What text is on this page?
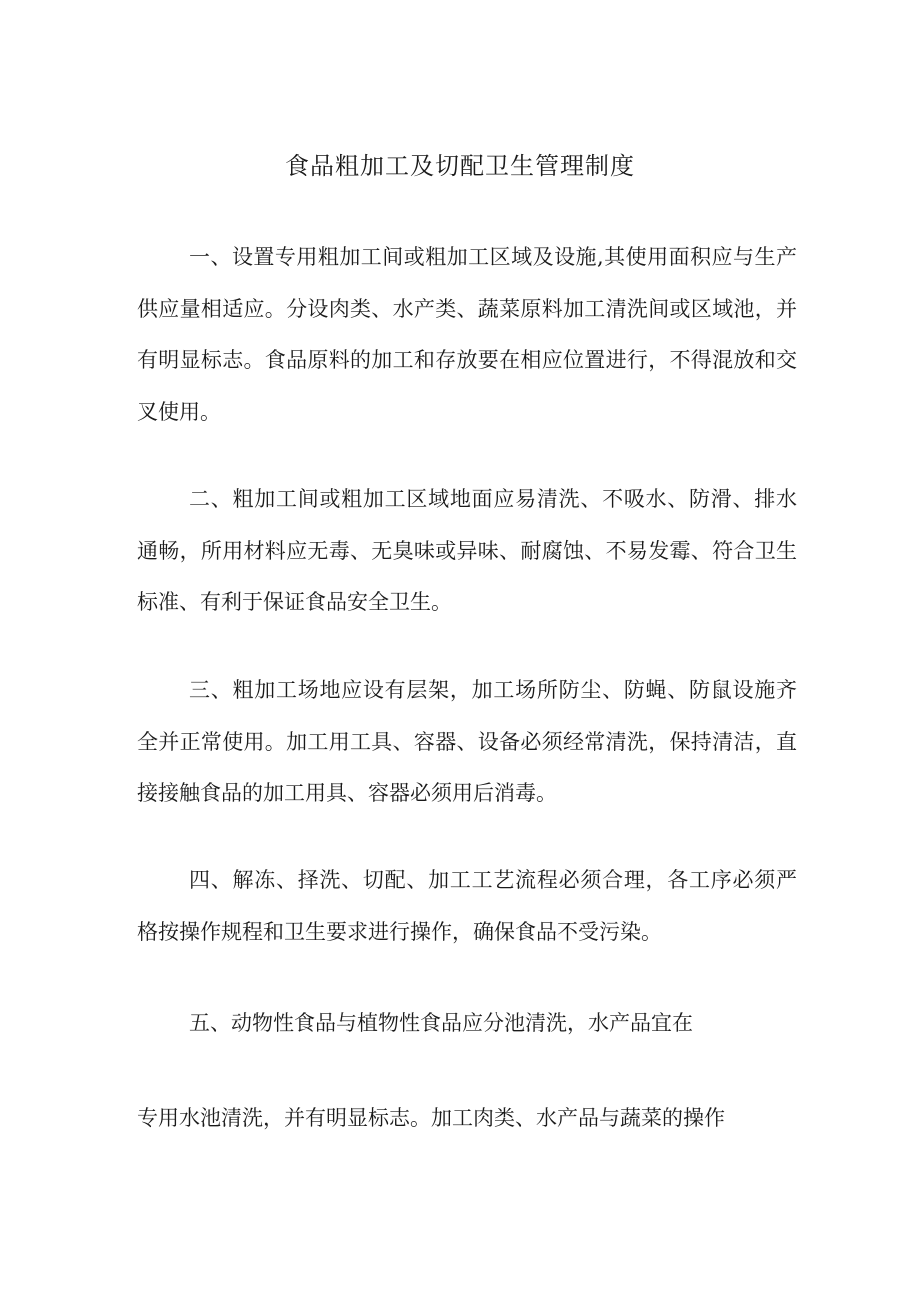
食品粗加工及切配卫生管理制度

一、设置专用粗加工间或粗加工区域及设施,其使用面积应与生产供应量相适应。分设肉类、水产类、蔬菜原料加工清洗间或区域池，并有明显标志。食品原料的加工和存放要在相应位置进行，不得混放和交叉使用。

二、粗加工间或粗加工区域地面应易清洗、不吸水、防滑、排水通畅，所用材料应无毒、无臭味或异味、耐腐蚀、不易发霉、符合卫生标准、有利于保证食品安全卫生。

三、粗加工场地应设有层架，加工场所防尘、防蝇、防鼠设施齐全并正常使用。加工用工具、容器、设备必须经常清洗，保持清洁，直接接触食品的加工用具、容器必须用后消毒。

四、解冻、择洗、切配、加工工艺流程必须合理，各工序必须严格按操作规程和卫生要求进行操作，确保食品不受污染。

五、动物性食品与植物性食品应分池清洗，水产品宜在

专用水池清洗，并有明显标志。加工肉类、水产品与蔬菜的操作
